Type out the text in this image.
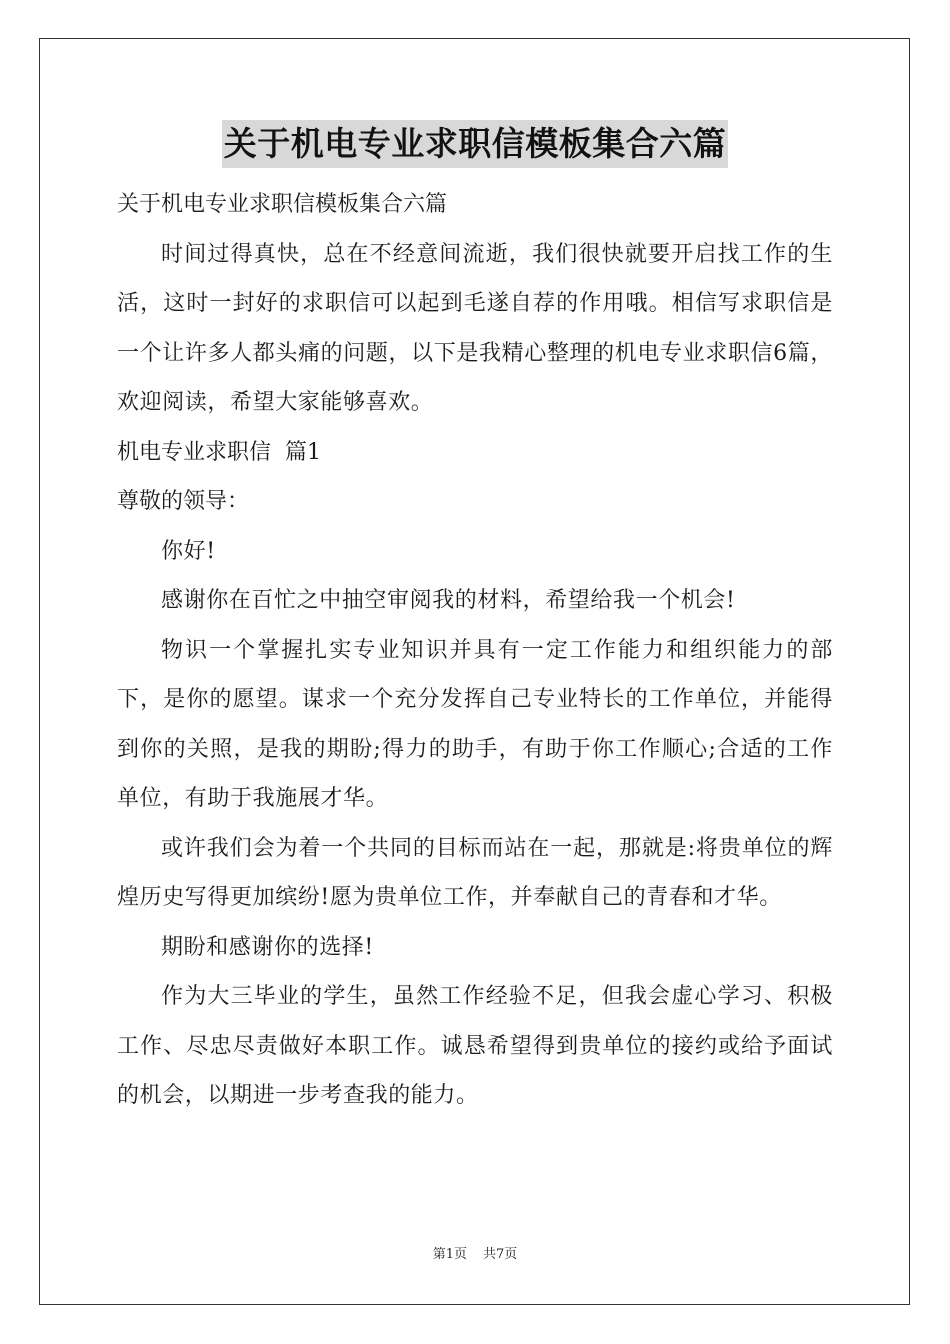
关于机电专业求职信模板集合六篇

关于机电专业求职信模板集合六篇

时间过得真快，总在不经意间流逝，我们很快就要开启找工作的生活，这时一封好的求职信可以起到毛遂自荐的作用哦。相信写求职信是一个让许多人都头痛的问题，以下是我精心整理的机电专业求职信6篇，欢迎阅读，希望大家能够喜欢。

机电专业求职信  篇1

尊敬的领导：

你好!

感谢你在百忙之中抽空审阅我的材料，希望给我一个机会!

物识一个掌握扎实专业知识并具有一定工作能力和组织能力的部下，是你的愿望。谋求一个充分发挥自己专业特长的工作单位，并能得到你的关照，是我的期盼;得力的助手，有助于你工作顺心;合适的工作单位，有助于我施展才华。

或许我们会为着一个共同的目标而站在一起，那就是:将贵单位的辉煌历史写得更加缤纷!愿为贵单位工作，并奉献自己的青春和才华。

期盼和感谢你的选择!

作为大三毕业的学生，虽然工作经验不足，但我会虚心学习、积极工作、尽忠尽责做好本职工作。诚恳希望得到贵单位的接约或给予面试的机会，以期进一步考查我的能力。

第1页 共7页
